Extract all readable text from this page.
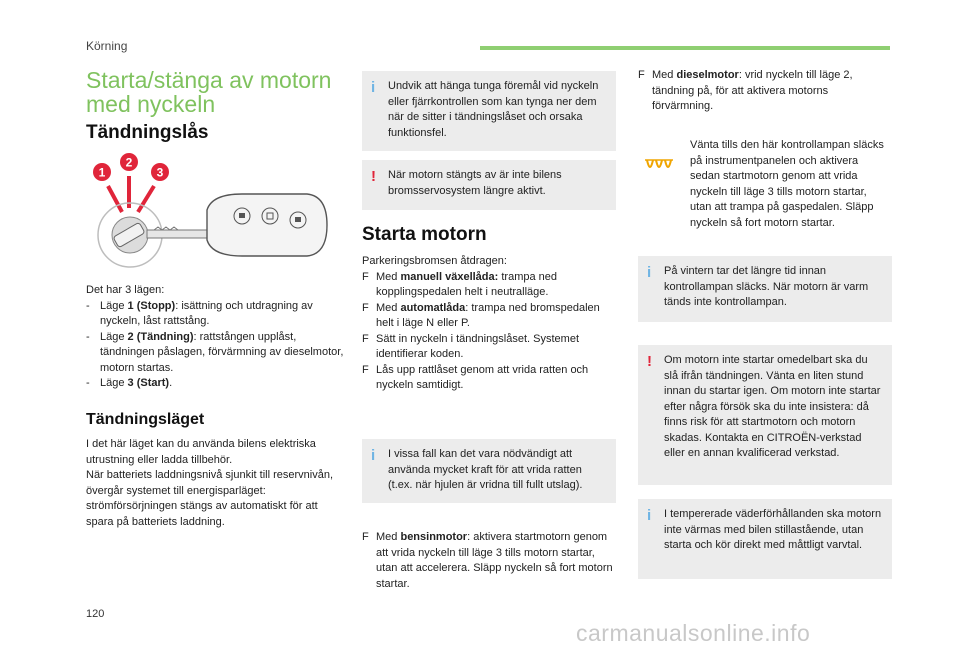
Körning
Starta/stänga av motorn
med nyckeln
Tändningslås
1
2
3
Det har 3 lägen:
- Läge 1 (Stopp): isättning och utdragning av nyckeln, låst rattstång.
- Läge 2 (Tändning): rattstången upplåst, tändningen påslagen, förvärmning av dieselmotor, motorn startas.
- Läge 3 (Start).
Tändningsläget
I det här läget kan du använda bilens elektriska utrustning eller ladda tillbehör.
När batteriets laddningsnivå sjunkit till reservnivån, övergår systemet till energisparläget: strömförsörjningen stängs av automatiskt för att spara på batteriets laddning.
i Undvik att hänga tunga föremål vid nyckeln eller fjärrkontrollen som kan tynga ner dem när de sitter i tändningslåset och orsaka funktionsfel.
! När motorn stängts av är inte bilens bromsservosystem längre aktivt.
Starta motorn
Parkeringsbromsen åtdragen:
F Med manuell växellåda: trampa ned kopplingspedalen helt i neutralläge.
F Med automatlåda: trampa ned bromspedalen helt i läge N eller P.
F Sätt in nyckeln i tändningslåset. Systemet identifierar koden.
F Lås upp rattlåset genom att vrida ratten och nyckeln samtidigt.
i I vissa fall kan det vara nödvändigt att använda mycket kraft för att vrida ratten (t.ex. när hjulen är vridna till fullt utslag).
F Med bensinmotor: aktivera startmotorn genom att vrida nyckeln till läge 3 tills motorn startar, utan att accelerera. Släpp nyckeln så fort motorn startar.
F Med dieselmotor: vrid nyckeln till läge 2, tändning på, för att aktivera motorns förvärmning.
Vänta tills den här kontrollampan släcks på instrumentpanelen och aktivera sedan startmotorn genom att vrida nyckeln till läge 3 tills motorn startar, utan att trampa på gaspedalen. Släpp nyckeln så fort motorn startar.
i På vintern tar det längre tid innan kontrollampan släcks. När motorn är varm tänds inte kontrollampan.
! Om motorn inte startar omedelbart ska du slå ifrån tändningen. Vänta en liten stund innan du startar igen. Om motorn inte startar efter några försök ska du inte insistera: då finns risk för att startmotorn och motorn skadas. Kontakta en CITROËN-verkstad eller en annan kvalificerad verkstad.
i I tempererade väderförhållanden ska motorn inte värmas med bilen stillastående, utan starta och kör direkt med måttligt varvtal.
120
carmanualsonline.info
